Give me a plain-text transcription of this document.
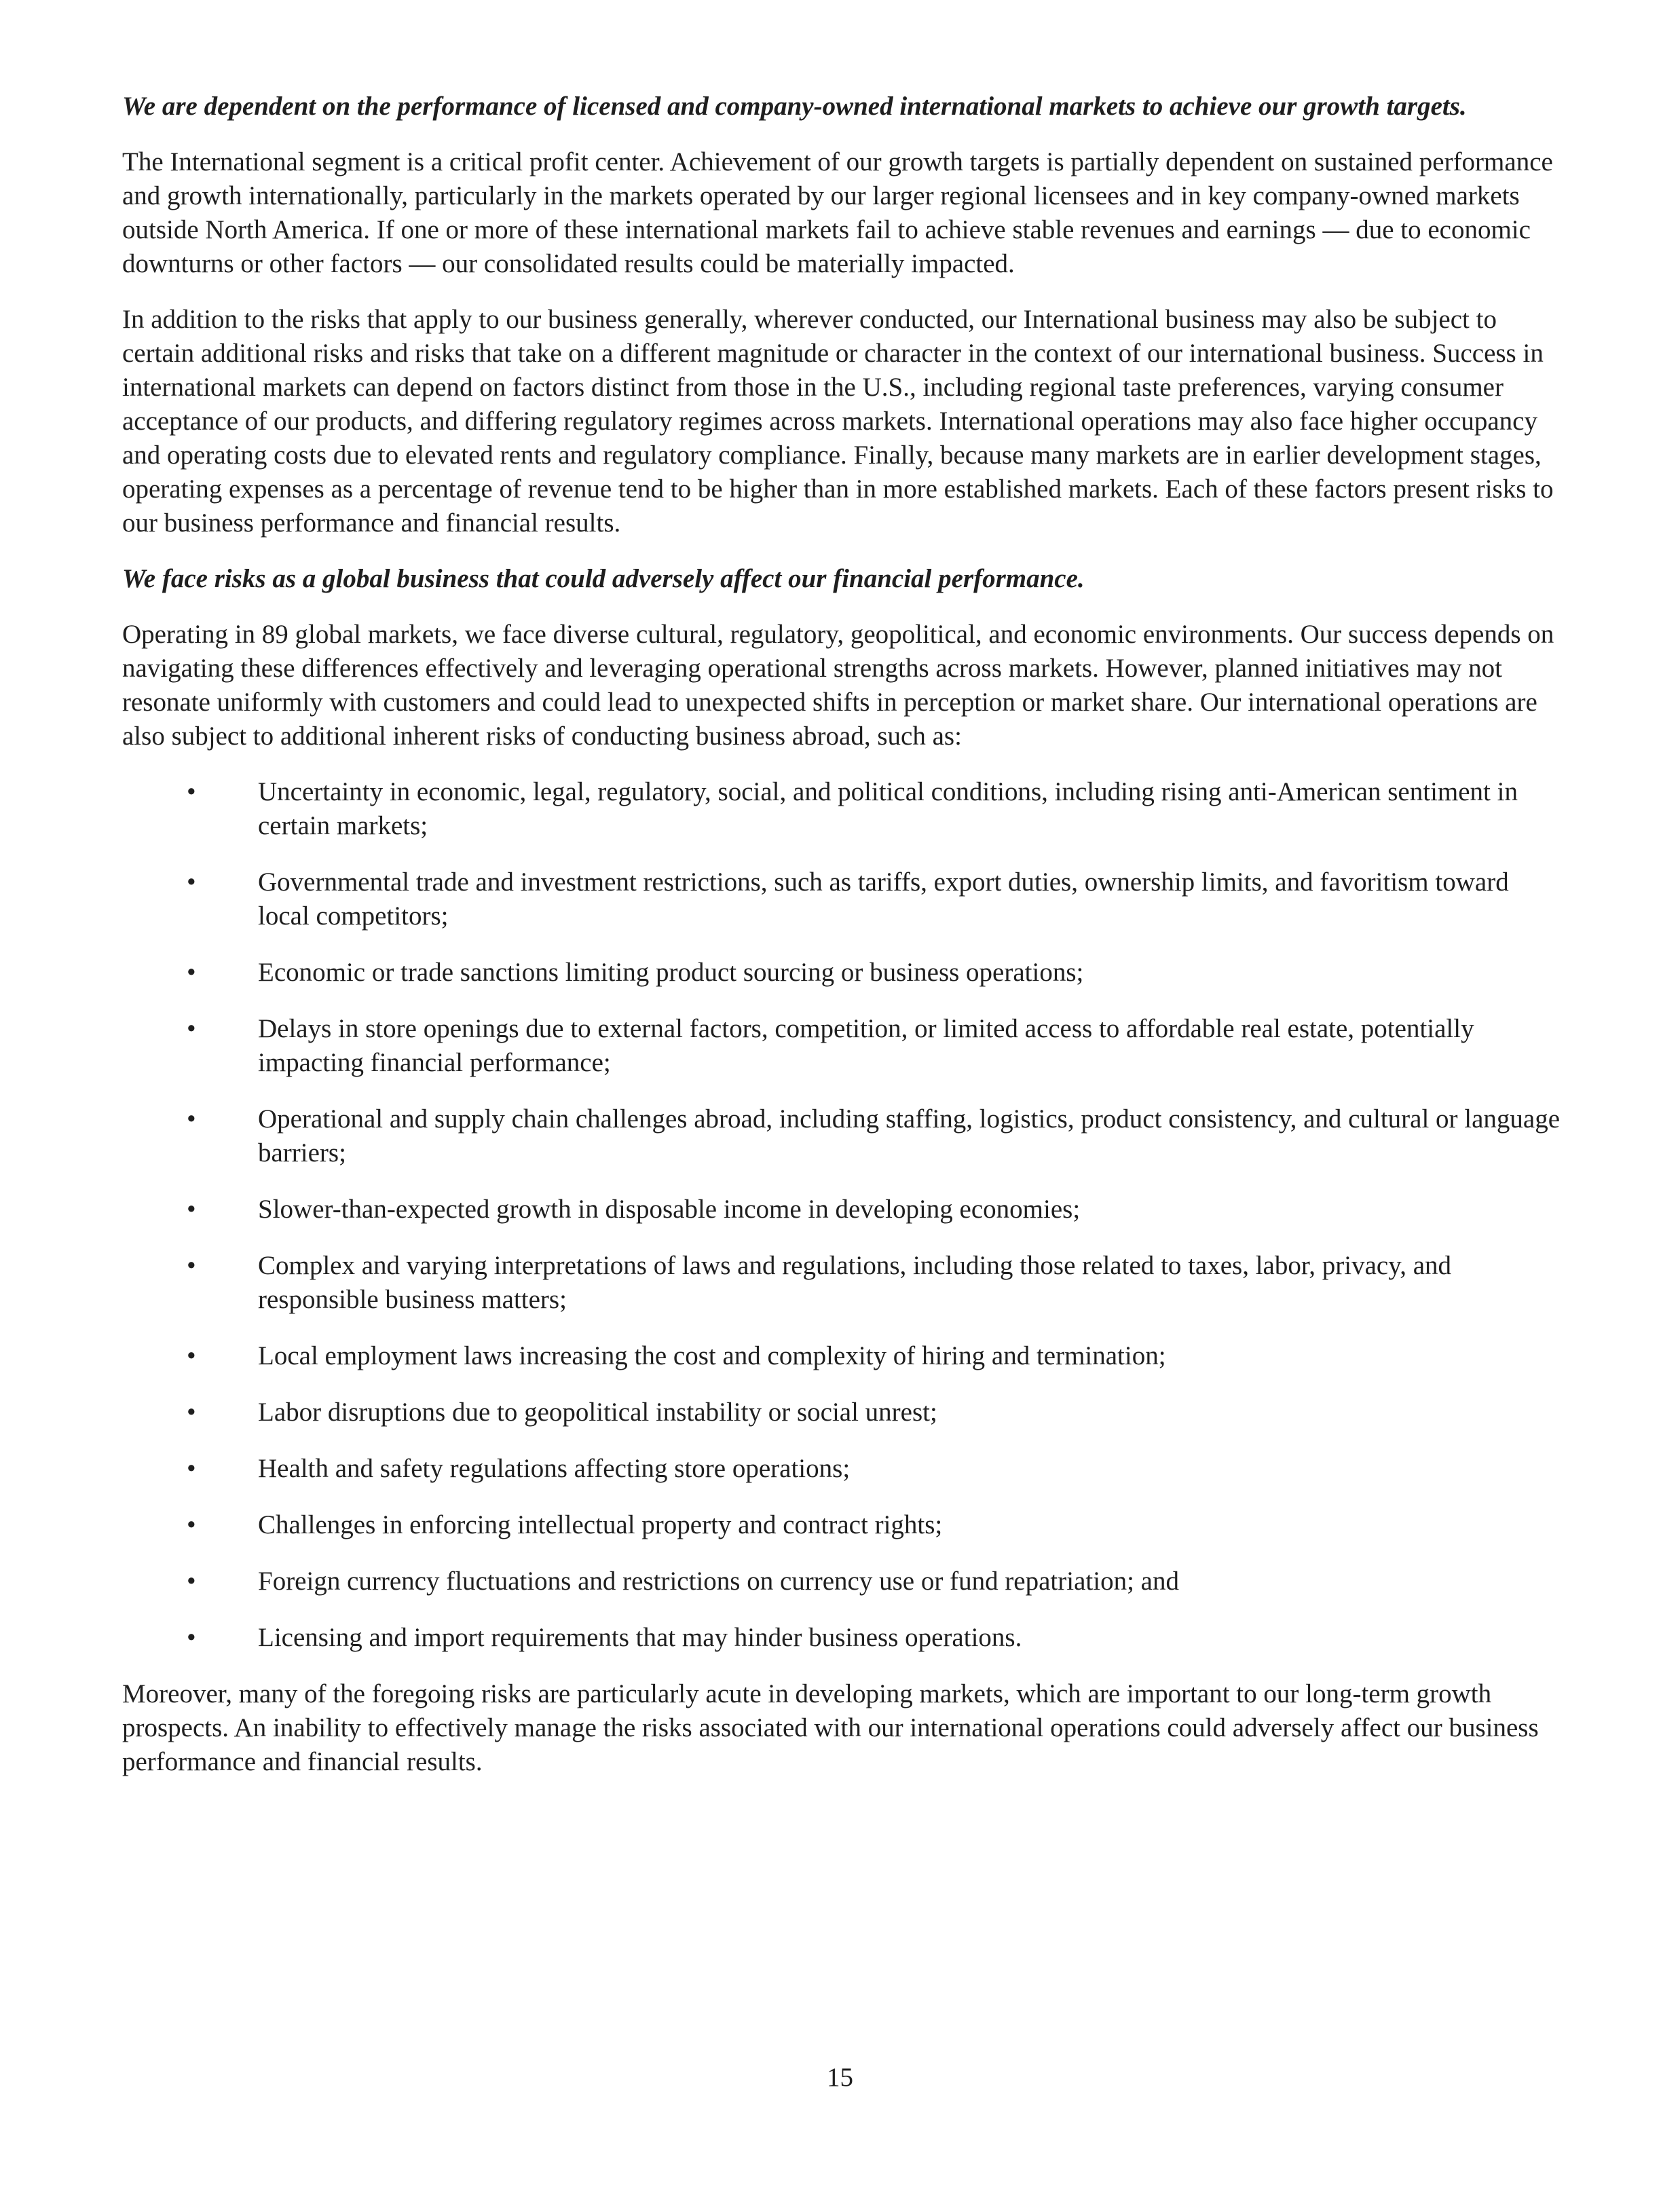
We are dependent on the performance of licensed and company-owned international markets to achieve our growth targets.

The International segment is a critical profit center. Achievement of our growth targets is partially dependent on sustained performance and growth internationally, particularly in the markets operated by our larger regional licensees and in key company-owned markets outside North America. If one or more of these international markets fail to achieve stable revenues and earnings — due to economic downturns or other factors — our consolidated results could be materially impacted.

In addition to the risks that apply to our business generally, wherever conducted, our International business may also be subject to certain additional risks and risks that take on a different magnitude or character in the context of our international business. Success in international markets can depend on factors distinct from those in the U.S., including regional taste preferences, varying consumer acceptance of our products, and differing regulatory regimes across markets. International operations may also face higher occupancy and operating costs due to elevated rents and regulatory compliance. Finally, because many markets are in earlier development stages, operating expenses as a percentage of revenue tend to be higher than in more established markets. Each of these factors present risks to our business performance and financial results.

We face risks as a global business that could adversely affect our financial performance.

Operating in 89 global markets, we face diverse cultural, regulatory, geopolitical, and economic environments. Our success depends on navigating these differences effectively and leveraging operational strengths across markets. However, planned initiatives may not resonate uniformly with customers and could lead to unexpected shifts in perception or market share. Our international operations are also subject to additional inherent risks of conducting business abroad, such as:

• Uncertainty in economic, legal, regulatory, social, and political conditions, including rising anti-American sentiment in certain markets;
• Governmental trade and investment restrictions, such as tariffs, export duties, ownership limits, and favoritism toward local competitors;
• Economic or trade sanctions limiting product sourcing or business operations;
• Delays in store openings due to external factors, competition, or limited access to affordable real estate, potentially impacting financial performance;
• Operational and supply chain challenges abroad, including staffing, logistics, product consistency, and cultural or language barriers;
• Slower-than-expected growth in disposable income in developing economies;
• Complex and varying interpretations of laws and regulations, including those related to taxes, labor, privacy, and responsible business matters;
• Local employment laws increasing the cost and complexity of hiring and termination;
• Labor disruptions due to geopolitical instability or social unrest;
• Health and safety regulations affecting store operations;
• Challenges in enforcing intellectual property and contract rights;
• Foreign currency fluctuations and restrictions on currency use or fund repatriation; and
• Licensing and import requirements that may hinder business operations.

Moreover, many of the foregoing risks are particularly acute in developing markets, which are important to our long-term growth prospects. An inability to effectively manage the risks associated with our international operations could adversely affect our business performance and financial results.

15
